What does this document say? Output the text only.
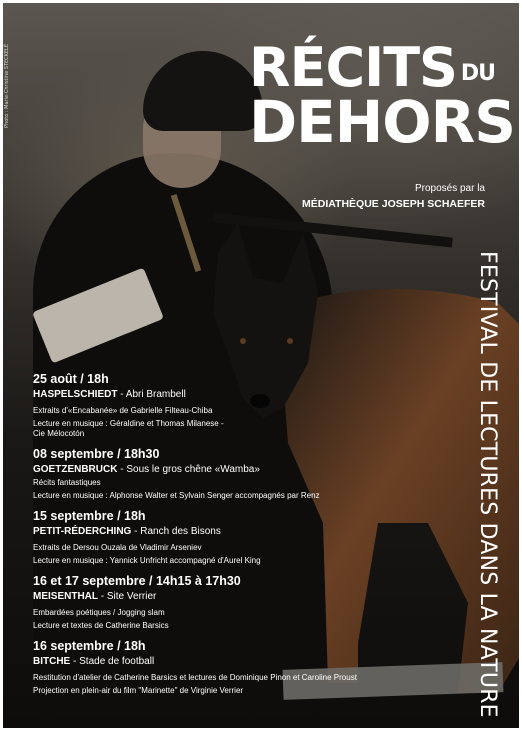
Photo : Marie-Christine STECKELÉ	RÉCITS DU
DEHORS
Proposés par la
MÉDIATHÈQUE JOSEPH SCHAEFER
FESTIVAL DE LECTURES DANS LA NATURE
25 août / 18h
HASPELSCHIEDT - Abri Brambell
Extraits d'«Encabanée» de Gabrielle Filteau-Chiba
Lecture en musique : Géraldine et Thomas Milanese -
Cie Mélocotón
08 septembre / 18h30
GOETZENBRUCK - Sous le gros chêne «Wamba»
Récits fantastiques
Lecture en musique : Alphonse Walter et Sylvain Senger accompagnés par Renz
15 septembre / 18h
PETIT-RÉDERCHING - Ranch des Bisons
Extraits de Dersou Ouzala de Vladimir Arseniev
Lecture en musique : Yannick Unfricht accompagné d'Aurel King
16 et 17 septembre / 14h15 à 17h30
MEISENTHAL - Site Verrier
Embardées poétiques / Jogging slam
Lecture et textes de Catherine Barsics
16 septembre / 18h
BITCHE - Stade de football
Restitution d'atelier de Catherine Barsics et lectures de Dominique Pinon et Caroline Proust
Projection en plein-air du film "Marinette" de Virginie Verrier
